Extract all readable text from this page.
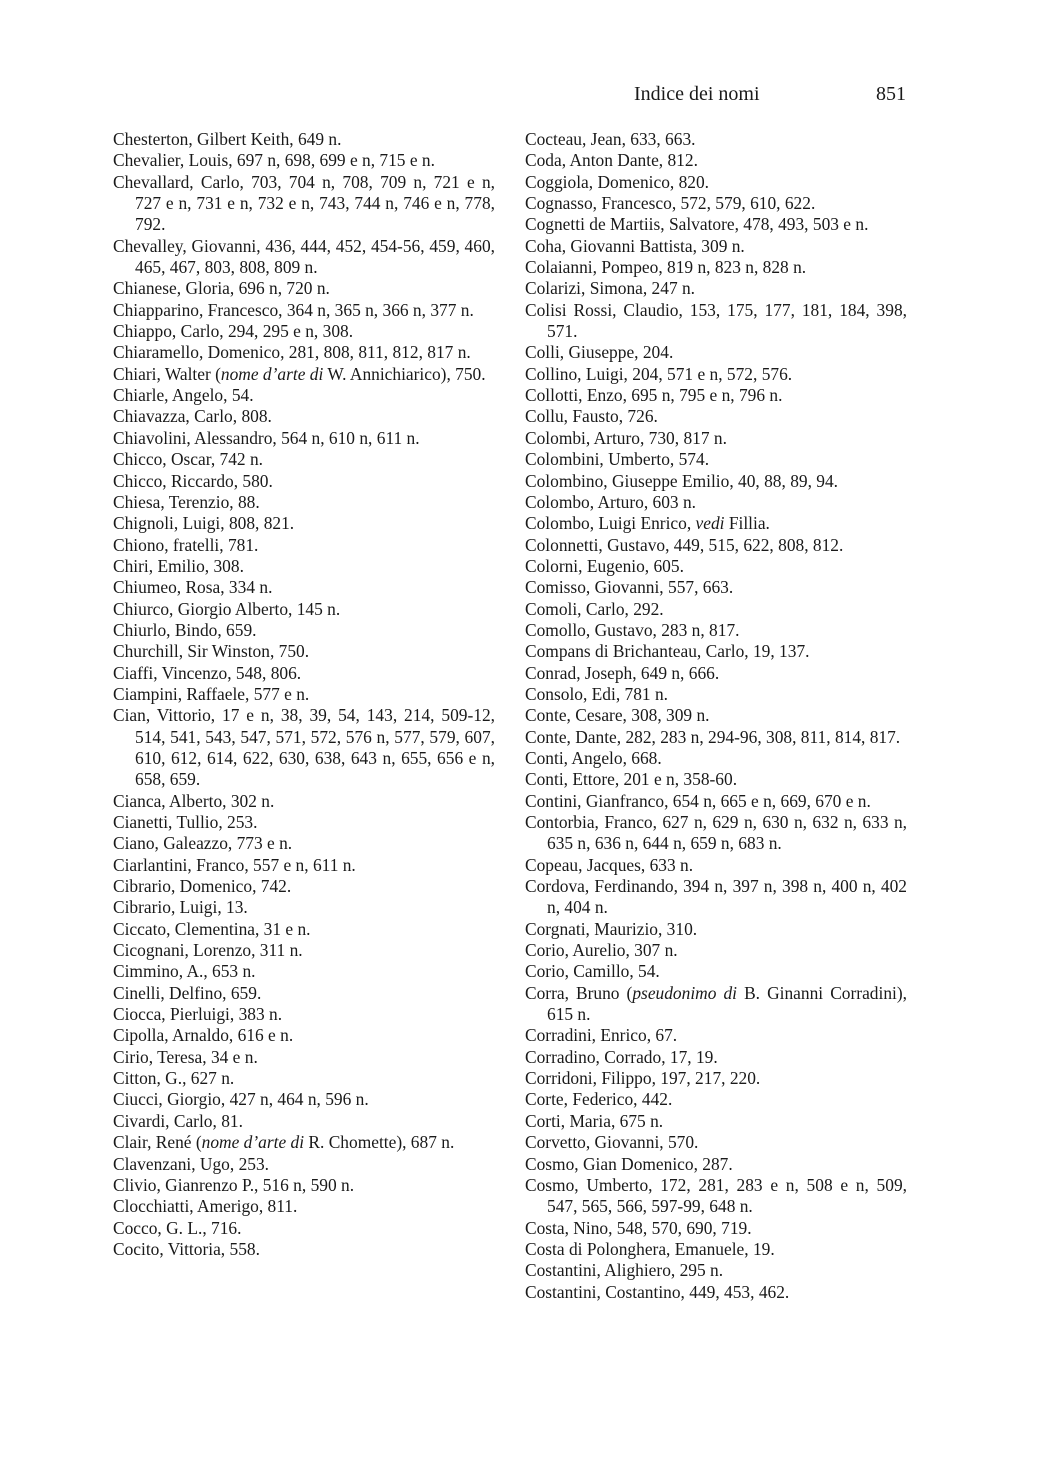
Indice dei nomi	851
Chesterton, Gilbert Keith, 649 n.
Chevalier, Louis, 697 n, 698, 699 e n, 715 e n.
Chevallard, Carlo, 703, 704 n, 708, 709 n, 721 e n, 727 e n, 731 e n, 732 e n, 743, 744 n, 746 e n, 778, 792.
Chevalley, Giovanni, 436, 444, 452, 454-56, 459, 460, 465, 467, 803, 808, 809 n.
Chianese, Gloria, 696 n, 720 n.
Chiapparino, Francesco, 364 n, 365 n, 366 n, 377 n.
Chiappo, Carlo, 294, 295 e n, 308.
Chiaramello, Domenico, 281, 808, 811, 812, 817 n.
Chiari, Walter (nome d’arte di W. Annichiarico), 750.
Chiarle, Angelo, 54.
Chiavazza, Carlo, 808.
Chiavolini, Alessandro, 564 n, 610 n, 611 n.
Chicco, Oscar, 742 n.
Chicco, Riccardo, 580.
Chiesa, Terenzio, 88.
Chignoli, Luigi, 808, 821.
Chiono, fratelli, 781.
Chiri, Emilio, 308.
Chiumeo, Rosa, 334 n.
Chiurco, Giorgio Alberto, 145 n.
Chiurlo, Bindo, 659.
Churchill, Sir Winston, 750.
Ciaffi, Vincenzo, 548, 806.
Ciampini, Raffaele, 577 e n.
Cian, Vittorio, 17 e n, 38, 39, 54, 143, 214, 509-12, 514, 541, 543, 547, 571, 572, 576 n, 577, 579, 607, 610, 612, 614, 622, 630, 638, 643 n, 655, 656 e n, 658, 659.
Cianca, Alberto, 302 n.
Cianetti, Tullio, 253.
Ciano, Galeazzo, 773 e n.
Ciarlantini, Franco, 557 e n, 611 n.
Cibrario, Domenico, 742.
Cibrario, Luigi, 13.
Ciccato, Clementina, 31 e n.
Cicognani, Lorenzo, 311 n.
Cimmino, A., 653 n.
Cinelli, Delfino, 659.
Ciocca, Pierluigi, 383 n.
Cipolla, Arnaldo, 616 e n.
Cirio, Teresa, 34 e n.
Citton, G., 627 n.
Ciucci, Giorgio, 427 n, 464 n, 596 n.
Civardi, Carlo, 81.
Clair, René (nome d’arte di R. Chomette), 687 n.
Clavenzani, Ugo, 253.
Clivio, Gianrenzo P., 516 n, 590 n.
Clocchiatti, Amerigo, 811.
Cocco, G. L., 716.
Cocito, Vittoria, 558.
Cocteau, Jean, 633, 663.
Coda, Anton Dante, 812.
Coggiola, Domenico, 820.
Cognasso, Francesco, 572, 579, 610, 622.
Cognetti de Martiis, Salvatore, 478, 493, 503 e n.
Coha, Giovanni Battista, 309 n.
Colaianni, Pompeo, 819 n, 823 n, 828 n.
Colarizi, Simona, 247 n.
Colisi Rossi, Claudio, 153, 175, 177, 181, 184, 398, 571.
Colli, Giuseppe, 204.
Collino, Luigi, 204, 571 e n, 572, 576.
Collotti, Enzo, 695 n, 795 e n, 796 n.
Collu, Fausto, 726.
Colombi, Arturo, 730, 817 n.
Colombini, Umberto, 574.
Colombino, Giuseppe Emilio, 40, 88, 89, 94.
Colombo, Arturo, 603 n.
Colombo, Luigi Enrico, vedi Fillia.
Colonnetti, Gustavo, 449, 515, 622, 808, 812.
Colorni, Eugenio, 605.
Comisso, Giovanni, 557, 663.
Comoli, Carlo, 292.
Comollo, Gustavo, 283 n, 817.
Compans di Brichanteau, Carlo, 19, 137.
Conrad, Joseph, 649 n, 666.
Consolo, Edi, 781 n.
Conte, Cesare, 308, 309 n.
Conte, Dante, 282, 283 n, 294-96, 308, 811, 814, 817.
Conti, Angelo, 668.
Conti, Ettore, 201 e n, 358-60.
Contini, Gianfranco, 654 n, 665 e n, 669, 670 e n.
Contorbia, Franco, 627 n, 629 n, 630 n, 632 n, 633 n, 635 n, 636 n, 644 n, 659 n, 683 n.
Copeau, Jacques, 633 n.
Cordova, Ferdinando, 394 n, 397 n, 398 n, 400 n, 402 n, 404 n.
Corgnati, Maurizio, 310.
Corio, Aurelio, 307 n.
Corio, Camillo, 54.
Corra, Bruno (pseudonimo di B. Ginanni Corradini), 615 n.
Corradini, Enrico, 67.
Corradino, Corrado, 17, 19.
Corridoni, Filippo, 197, 217, 220.
Corte, Federico, 442.
Corti, Maria, 675 n.
Corvetto, Giovanni, 570.
Cosmo, Gian Domenico, 287.
Cosmo, Umberto, 172, 281, 283 e n, 508 e n, 509, 547, 565, 566, 597-99, 648 n.
Costa, Nino, 548, 570, 690, 719.
Costa di Polonghera, Emanuele, 19.
Costantini, Alighiero, 295 n.
Costantini, Costantino, 449, 453, 462.
